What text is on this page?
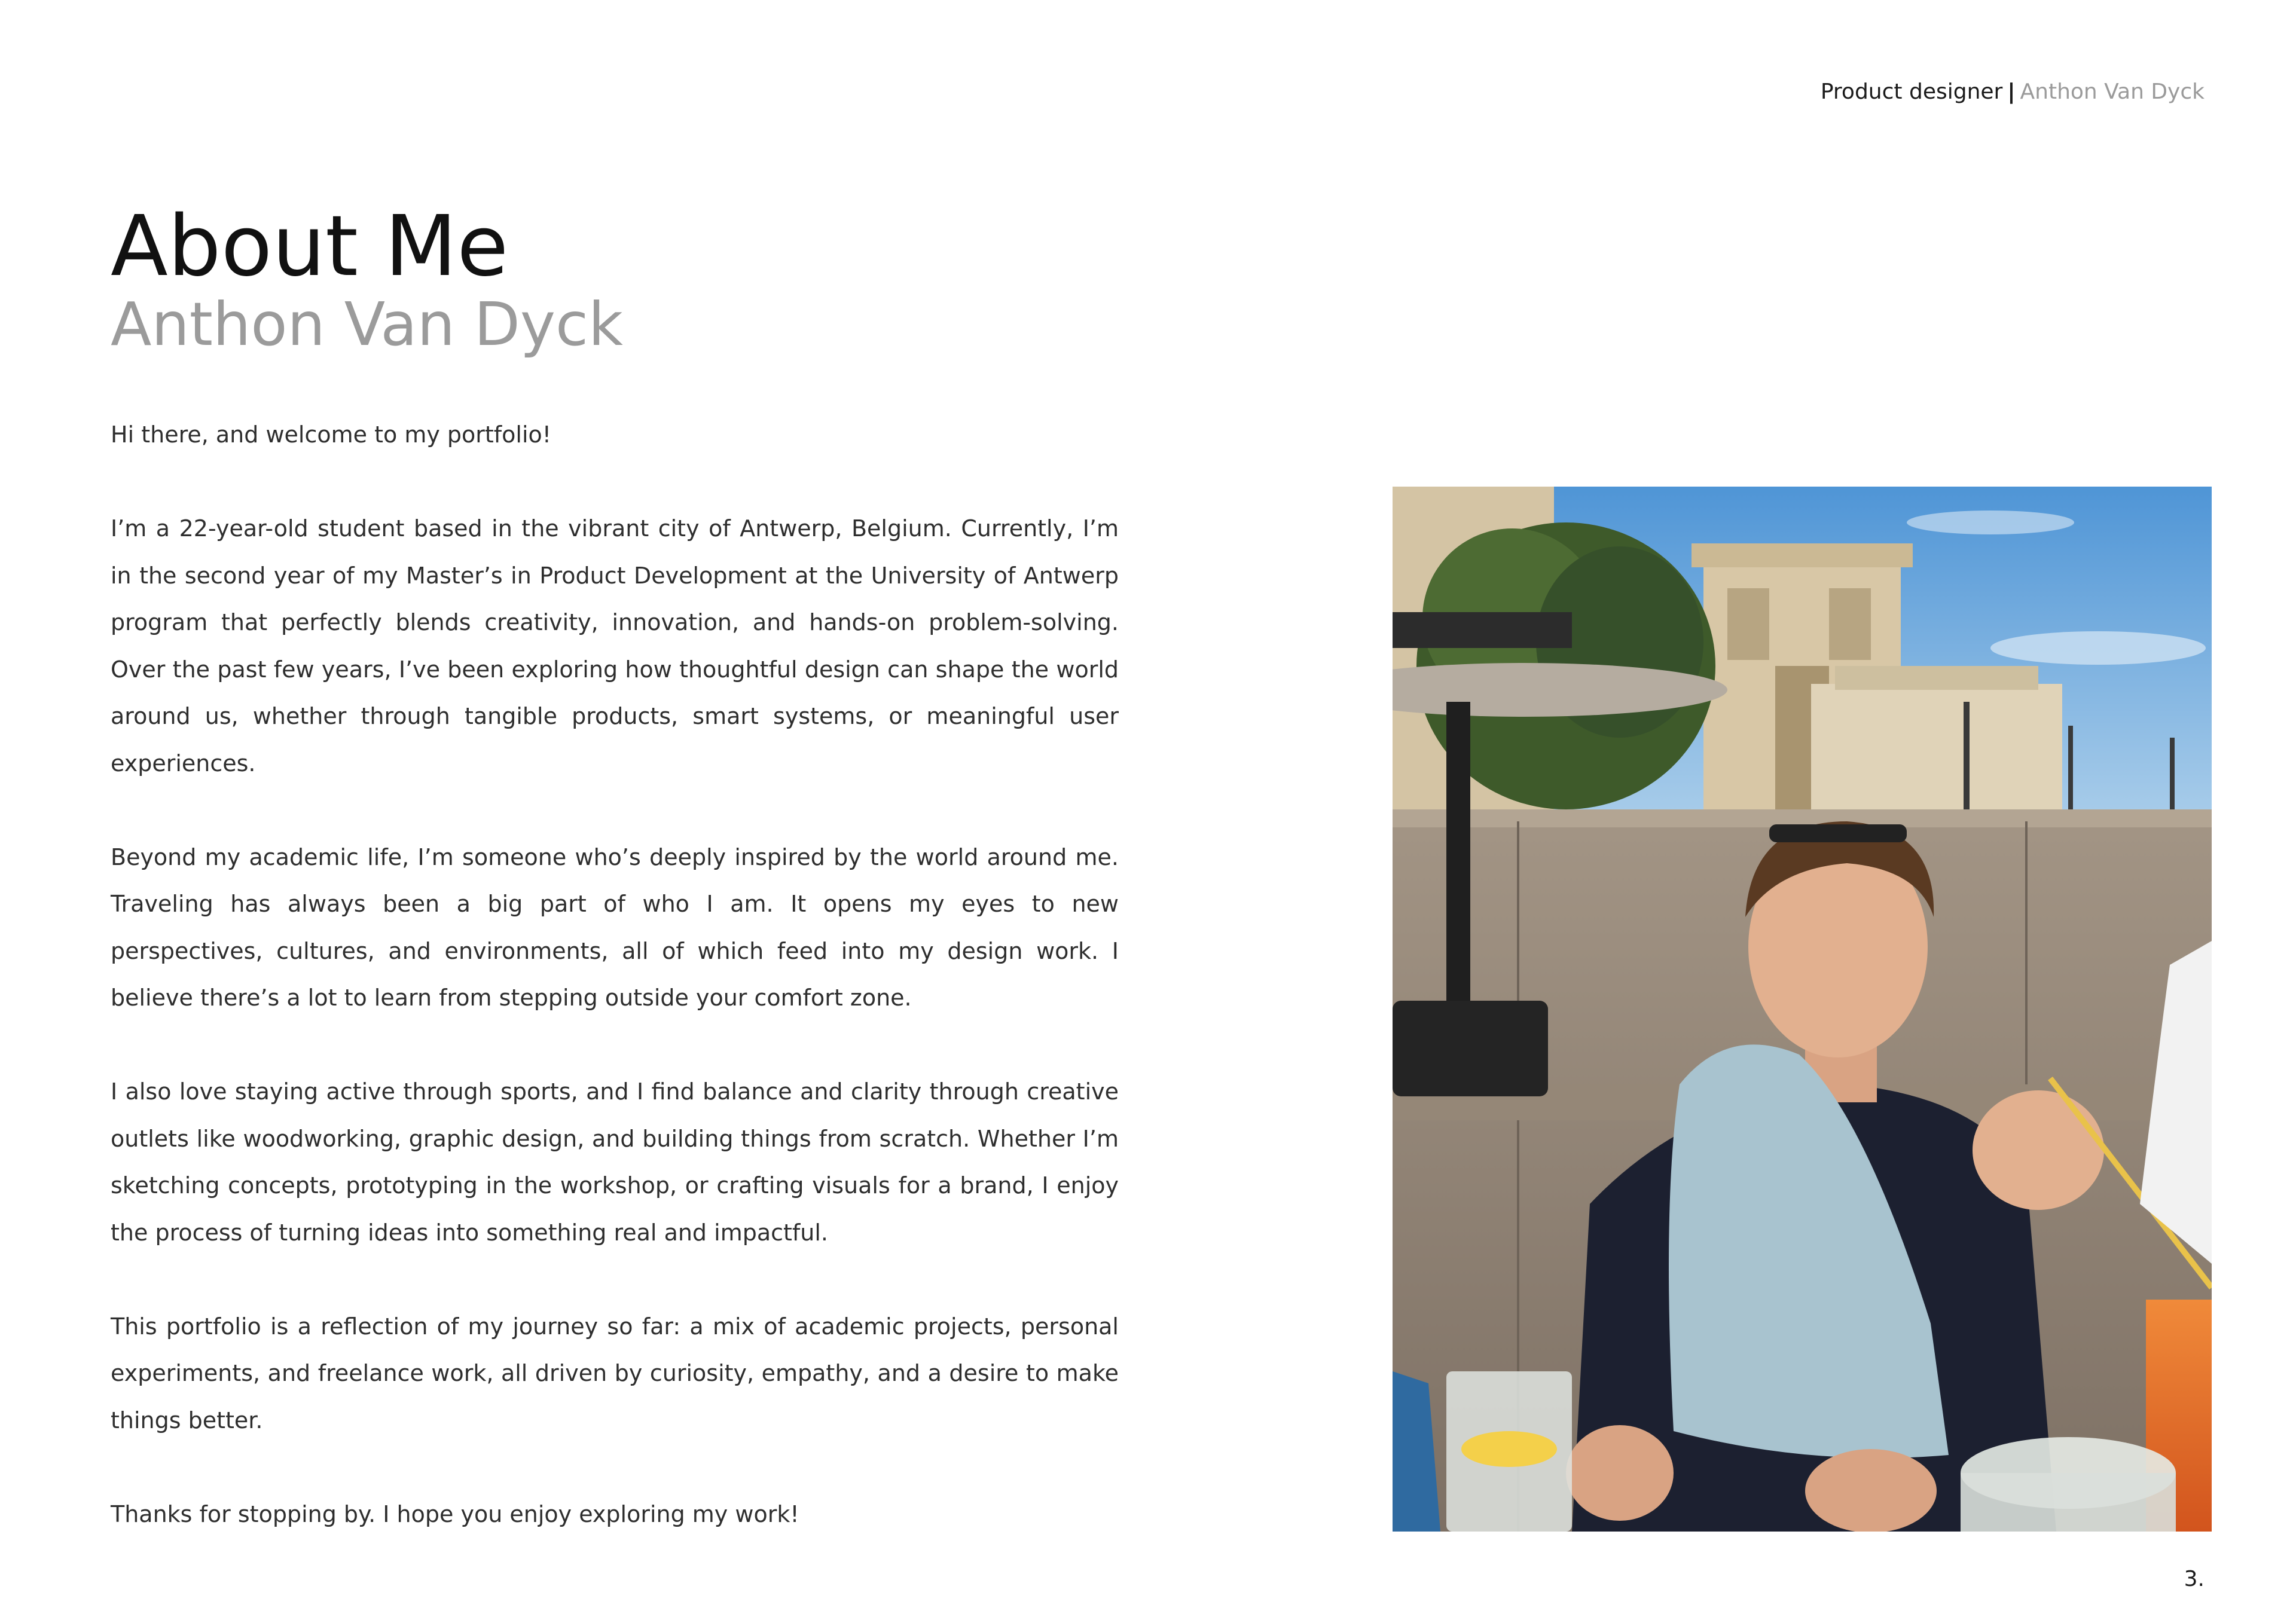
Product designer | Anthon Van Dyck
About Me
Anthon Van Dyck

Hi there, and welcome to my portfolio!

I’m a 22-year-old student based in the vibrant city of Antwerp, Belgium. Currently, I’m in the second year of my Master’s in Product Development at the University of Antwerp program that perfectly blends creativity, innovation, and hands-on problem-solving. Over the past few years, I’ve been exploring how thoughtful design can shape the world around us, whether through tangible products, smart systems, or meaningful user experiences.

Beyond my academic life, I’m someone who’s deeply inspired by the world around me. Traveling has always been a big part of who I am. It opens my eyes to new perspectives, cultures, and environments, all of which feed into my design work. I believe there’s a lot to learn from stepping outside your comfort zone.

I also love staying active through sports, and I find balance and clarity through creative outlets like woodworking, graphic design, and building things from scratch. Whether I’m sketching concepts, prototyping in the workshop, or crafting visuals for a brand, I enjoy the process of turning ideas into something real and impactful.

This portfolio is a reflection of my journey so far: a mix of academic projects, personal experiments, and freelance work, all driven by curiosity, empathy, and a desire to make things better.

Thanks for stopping by. I hope you enjoy exploring my work!

3.
